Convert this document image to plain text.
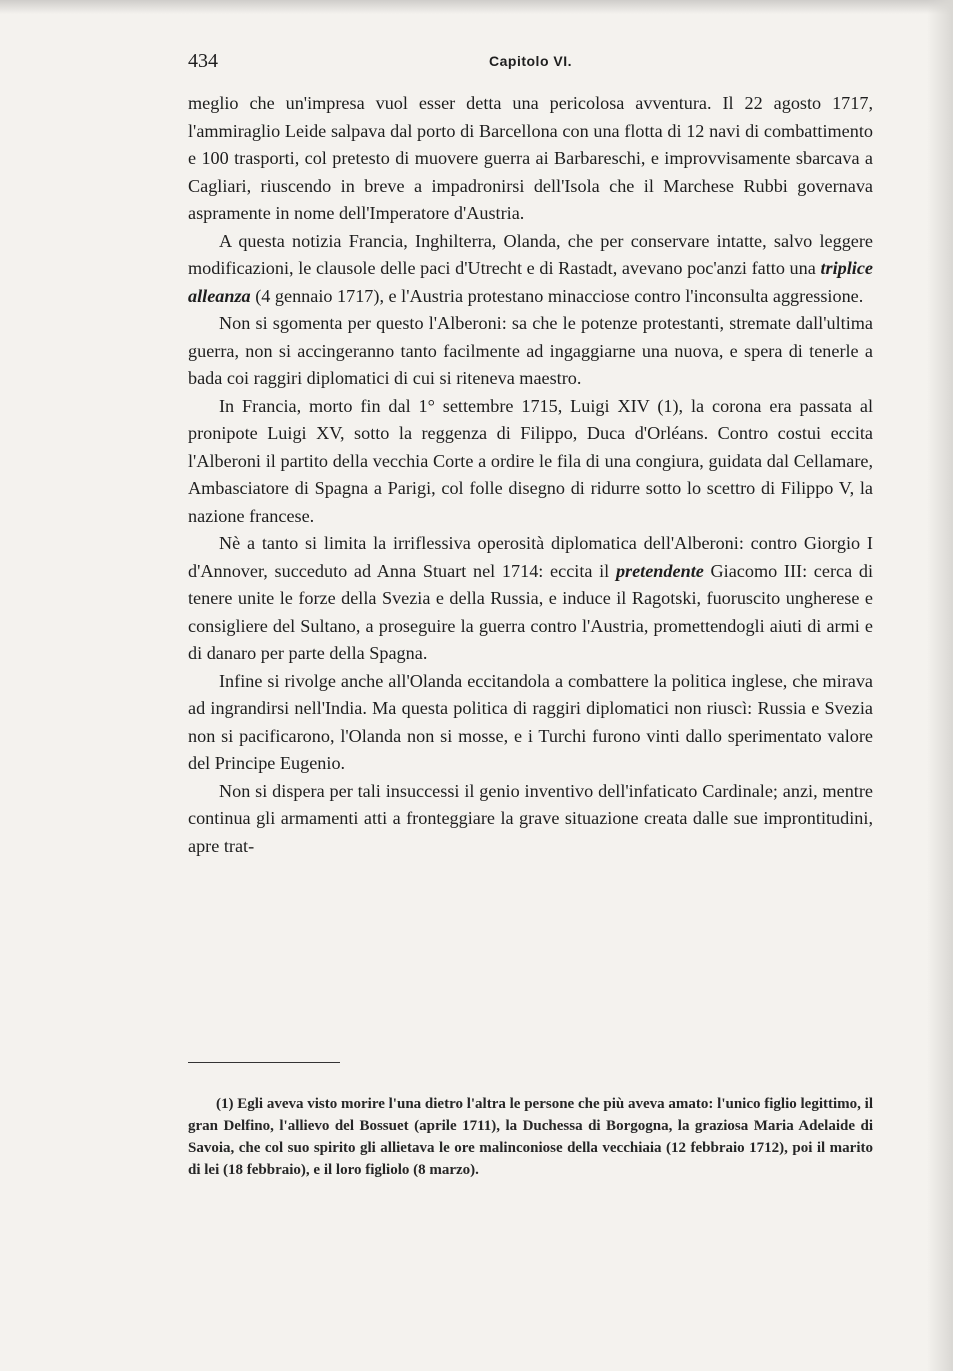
434	Capitolo VI.

meglio che un'impresa vuol esser detta una pericolosa avventura. Il 22 agosto 1717, l'ammiraglio Leide salpava dal porto di Barcellona con una flotta di 12 navi di combattimento e 100 trasporti, col pretesto di muovere guerra ai Barbareschi, e improvvisamente sbarcava a Cagliari, riuscendo in breve a impadronirsi dell'Isola che il Marchese Rubbi governava aspramente in nome dell'Imperatore d'Austria.

A questa notizia Francia, Inghilterra, Olanda, che per conservare intatte, salvo leggere modificazioni, le clausole delle paci d'Utrecht e di Rastadt, avevano poc'anzi fatto una triplice alleanza (4 gennaio 1717), e l'Austria protestano minacciose contro l'inconsulta aggressione.

Non si sgomenta per questo l'Alberoni: sa che le potenze protestanti, stremate dall'ultima guerra, non si accingeranno tanto facilmente ad ingaggiarne una nuova, e spera di tenerle a bada coi raggiri diplomatici di cui si riteneva maestro.

In Francia, morto fin dal 1° settembre 1715, Luigi XIV (1), la corona era passata al pronipote Luigi XV, sotto la reggenza di Filippo, Duca d'Orléans. Contro costui eccita l'Alberoni il partito della vecchia Corte a ordire le fila di una congiura, guidata dal Cellamare, Ambasciatore di Spagna a Parigi, col folle disegno di ridurre sotto lo scettro di Filippo V, la nazione francese.

Nè a tanto si limita la irriflessiva operosità diplomatica dell'Alberoni: contro Giorgio I d'Annover, succeduto ad Anna Stuart nel 1714: eccita il pretendente Giacomo III: cerca di tenere unite le forze della Svezia e della Russia, e induce il Ragotski, fuoruscito ungherese e consigliere del Sultano, a proseguire la guerra contro l'Austria, promettendogli aiuti di armi e di danaro per parte della Spagna.

Infine si rivolge anche all'Olanda eccitandola a combattere la politica inglese, che mirava ad ingrandirsi nell'India. Ma questa politica di raggiri diplomatici non riuscì: Russia e Svezia non si pacificarono, l'Olanda non si mosse, e i Turchi furono vinti dallo sperimentato valore del Principe Eugenio.

Non si dispera per tali insuccessi il genio inventivo dell'infaticato Cardinale; anzi, mentre continua gli armamenti atti a fronteggiare la grave situazione creata dalle sue improntitudini, apre trat-

(1) Egli aveva visto morire l'una dietro l'altra le persone che più aveva amato: l'unico figlio legittimo, il gran Delfino, l'allievo del Bossuet (aprile 1711), la Duchessa di Borgogna, la graziosa Maria Adelaide di Savoia, che col suo spirito gli allietava le ore malinconiose della vecchiaia (12 febbraio 1712), poi il marito di lei (18 febbraio), e il loro figliolo (8 marzo).
